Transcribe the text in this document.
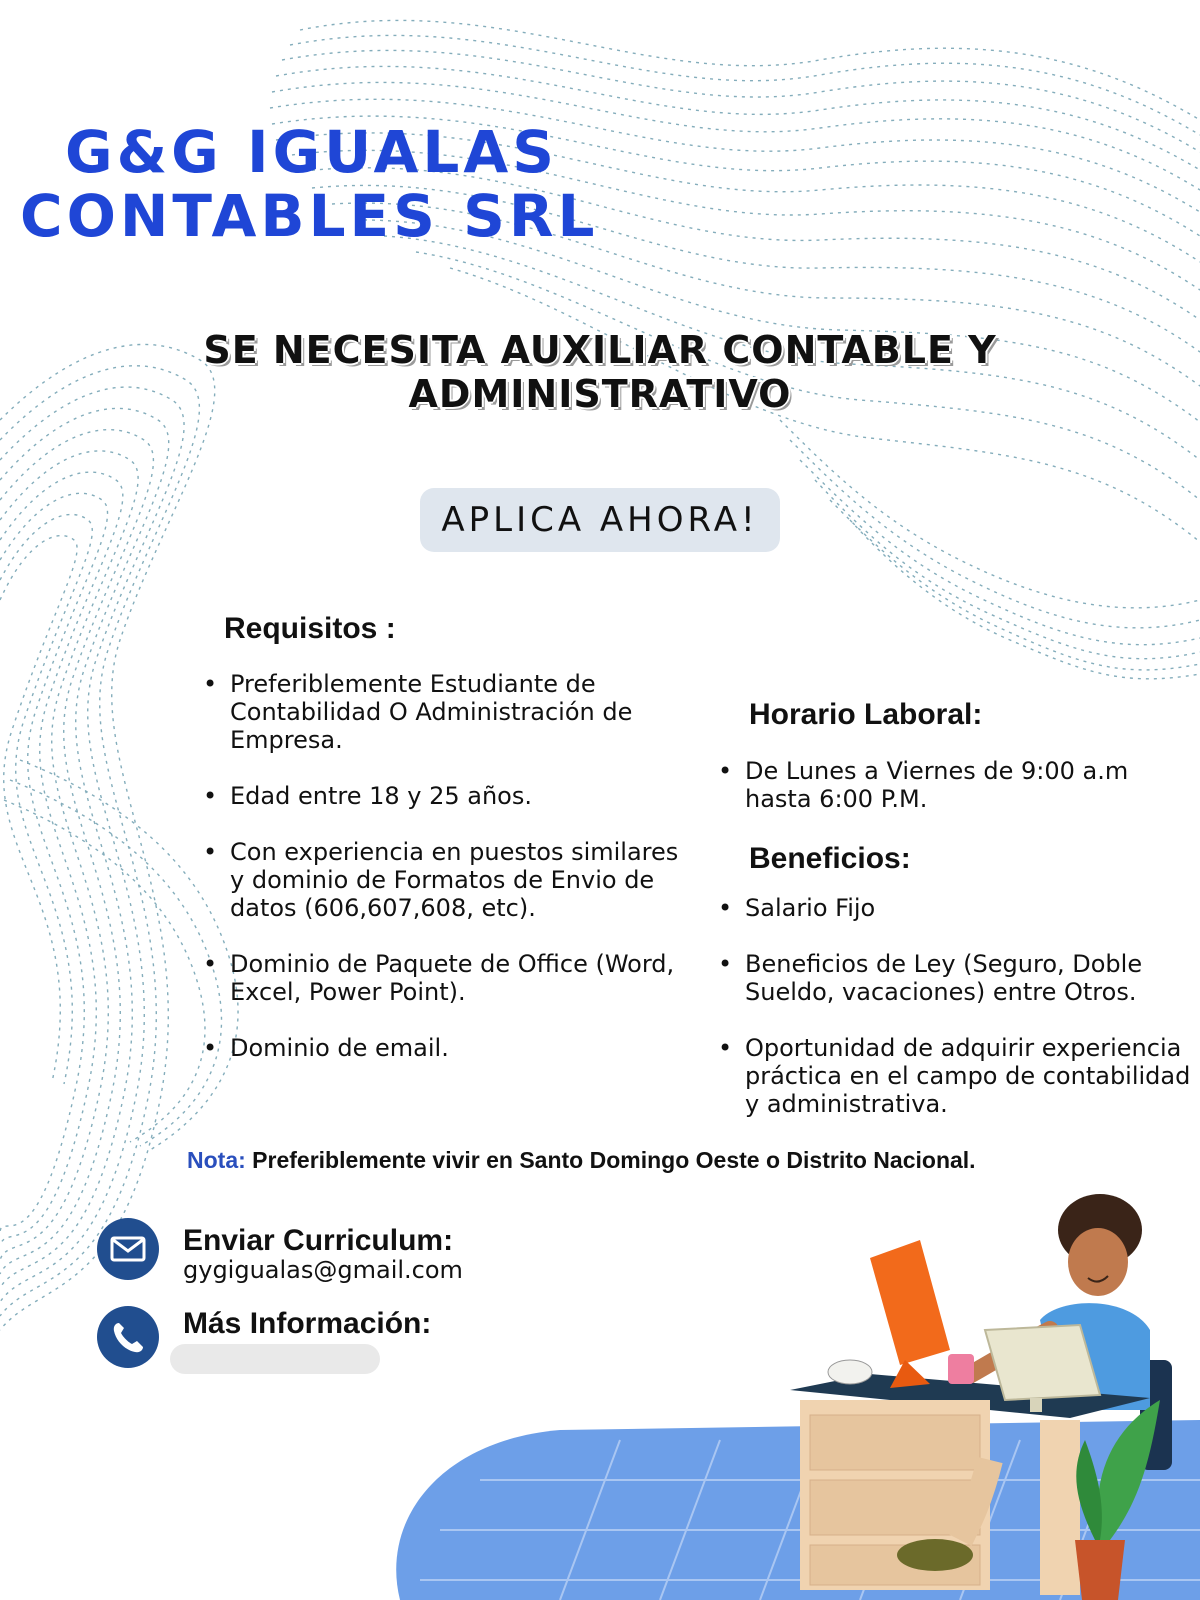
G&G IGUALAS
CONTABLES SRL
SE NECESITA AUXILIAR CONTABLE Y
ADMINISTRATIVO
APLICA AHORA!
Requisitos :
• Preferiblemente Estudiante de Contabilidad O Administración de Empresa.
• Edad entre 18 y 25 años.
• Con experiencia en puestos similares y dominio de Formatos de Envio de datos (606,607,608, etc).
• Dominio de Paquete de Office (Word, Excel, Power Point).
• Dominio de email.
Horario Laboral:
• De Lunes a Viernes de 9:00 a.m hasta 6:00 P.M.
Beneficios:
• Salario Fijo
• Beneficios de Ley (Seguro, Doble Sueldo, vacaciones) entre Otros.
• Oportunidad de adquirir experiencia práctica en el campo de contabilidad y administrativa.

Nota: Preferiblemente vivir en Santo Domingo Oeste o Distrito Nacional.

Enviar Curriculum:

gygigualas@gmail.com

Más Información:
